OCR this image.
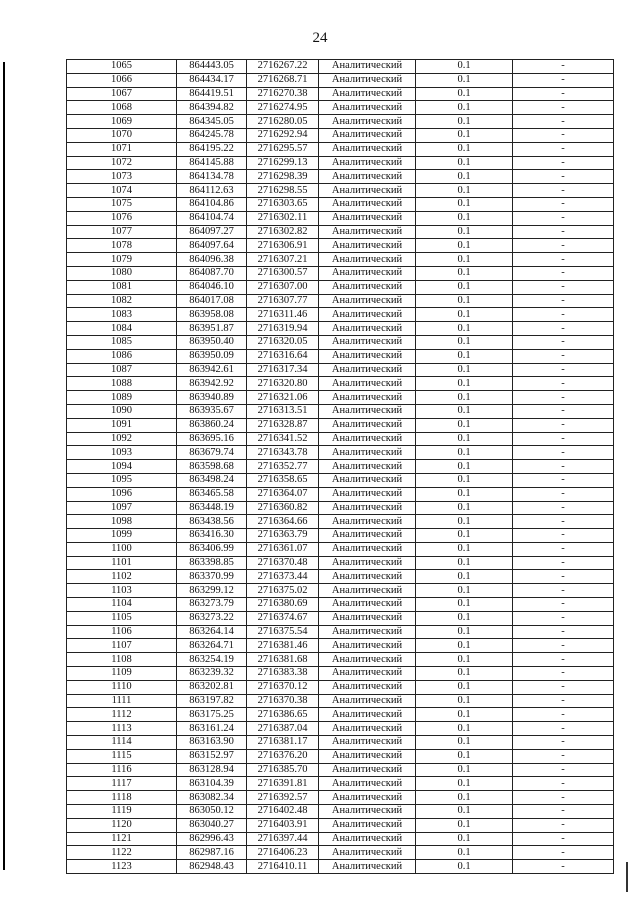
24
1065	864443.05	2716267.22	Аналитический	0.1	-
1066	864434.17	2716268.71	Аналитический	0.1	-
1067	864419.51	2716270.38	Аналитический	0.1	-
1068	864394.82	2716274.95	Аналитический	0.1	-
1069	864345.05	2716280.05	Аналитический	0.1	-
1070	864245.78	2716292.94	Аналитический	0.1	-
1071	864195.22	2716295.57	Аналитический	0.1	-
1072	864145.88	2716299.13	Аналитический	0.1	-
1073	864134.78	2716298.39	Аналитический	0.1	-
1074	864112.63	2716298.55	Аналитический	0.1	-
1075	864104.86	2716303.65	Аналитический	0.1	-
1076	864104.74	2716302.11	Аналитический	0.1	-
1077	864097.27	2716302.82	Аналитический	0.1	-
1078	864097.64	2716306.91	Аналитический	0.1	-
1079	864096.38	2716307.21	Аналитический	0.1	-
1080	864087.70	2716300.57	Аналитический	0.1	-
1081	864046.10	2716307.00	Аналитический	0.1	-
1082	864017.08	2716307.77	Аналитический	0.1	-
1083	863958.08	2716311.46	Аналитический	0.1	-
1084	863951.87	2716319.94	Аналитический	0.1	-
1085	863950.40	2716320.05	Аналитический	0.1	-
1086	863950.09	2716316.64	Аналитический	0.1	-
1087	863942.61	2716317.34	Аналитический	0.1	-
1088	863942.92	2716320.80	Аналитический	0.1	-
1089	863940.89	2716321.06	Аналитический	0.1	-
1090	863935.67	2716313.51	Аналитический	0.1	-
1091	863860.24	2716328.87	Аналитический	0.1	-
1092	863695.16	2716341.52	Аналитический	0.1	-
1093	863679.74	2716343.78	Аналитический	0.1	-
1094	863598.68	2716352.77	Аналитический	0.1	-
1095	863498.24	2716358.65	Аналитический	0.1	-
1096	863465.58	2716364.07	Аналитический	0.1	-
1097	863448.19	2716360.82	Аналитический	0.1	-
1098	863438.56	2716364.66	Аналитический	0.1	-
1099	863416.30	2716363.79	Аналитический	0.1	-
1100	863406.99	2716361.07	Аналитический	0.1	-
1101	863398.85	2716370.48	Аналитический	0.1	-
1102	863370.99	2716373.44	Аналитический	0.1	-
1103	863299.12	2716375.02	Аналитический	0.1	-
1104	863273.79	2716380.69	Аналитический	0.1	-
1105	863273.22	2716374.67	Аналитический	0.1	-
1106	863264.14	2716375.54	Аналитический	0.1	-
1107	863264.71	2716381.46	Аналитический	0.1	-
1108	863254.19	2716381.68	Аналитический	0.1	-
1109	863239.32	2716383.38	Аналитический	0.1	-
1110	863202.81	2716370.12	Аналитический	0.1	-
1111	863197.82	2716370.38	Аналитический	0.1	-
1112	863175.25	2716386.65	Аналитический	0.1	-
1113	863161.24	2716387.04	Аналитический	0.1	-
1114	863163.90	2716381.17	Аналитический	0.1	-
1115	863152.97	2716376.20	Аналитический	0.1	-
1116	863128.94	2716385.70	Аналитический	0.1	-
1117	863104.39	2716391.81	Аналитический	0.1	-
1118	863082.34	2716392.57	Аналитический	0.1	-
1119	863050.12	2716402.48	Аналитический	0.1	-
1120	863040.27	2716403.91	Аналитический	0.1	-
1121	862996.43	2716397.44	Аналитический	0.1	-
1122	862987.16	2716406.23	Аналитический	0.1	-
1123	862948.43	2716410.11	Аналитический	0.1	-
